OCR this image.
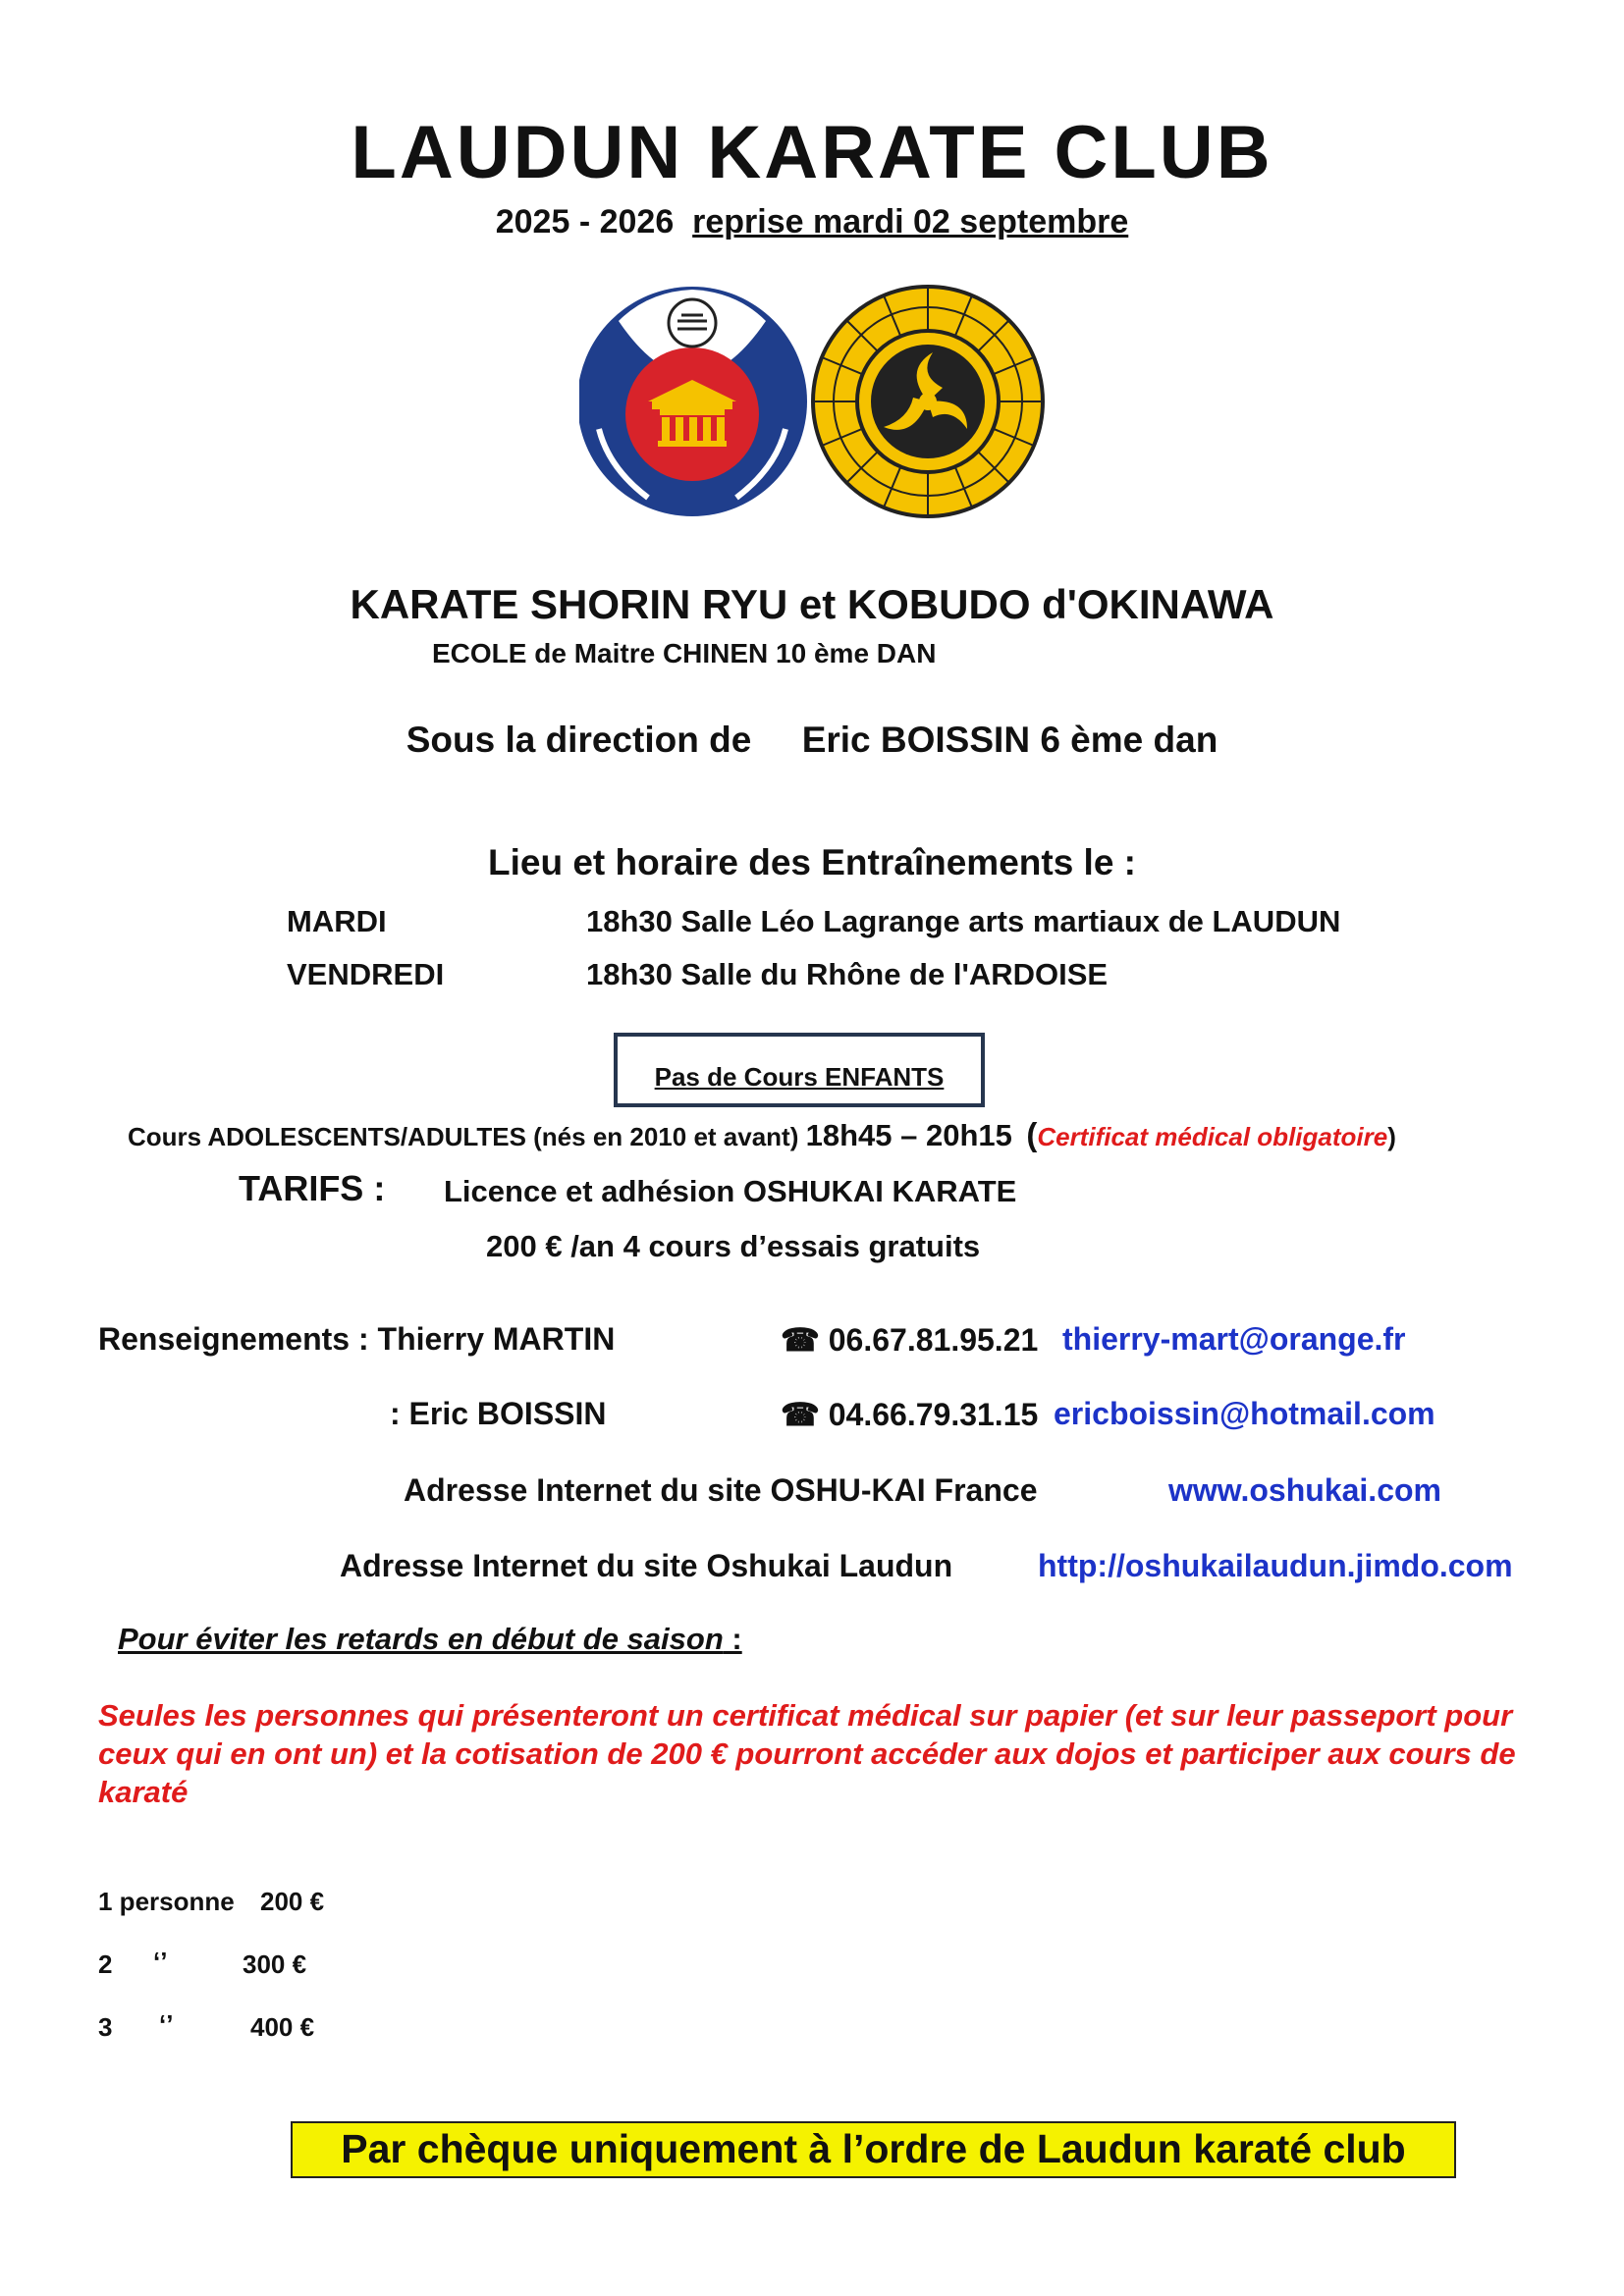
LAUDUN KARATE CLUB
2025 - 2026 reprise mardi 02 septembre
KARATE SHORIN RYU et KOBUDO d'OKINAWA
ECOLE de Maitre CHINEN 10 ème DAN
Sous la direction de Eric BOISSIN 6 ème dan
Lieu et horaire des Entraînements le :
MARDI	18h30 Salle Léo Lagrange arts martiaux de LAUDUN
VENDREDI	18h30 Salle du Rhône de l'ARDOISE
Pas de Cours ENFANTS
Cours ADOLESCENTS/ADULTES (nés en 2010 et avant) 18h45 – 20h15 (Certificat médical obligatoire)
TARIFS : Licence et adhésion OSHUKAI KARATE
200 € /an 4 cours d’essais gratuits
Renseignements : Thierry MARTIN	☎ 06.67.81.95.21 thierry-mart@orange.fr
: Eric BOISSIN	☎ 04.66.79.31.15 ericboissin@hotmail.com
Adresse Internet du site OSHU-KAI France	www.oshukai.com
Adresse Internet du site Oshukai Laudun	http://oshukailaudun.jimdo.com
Pour éviter les retards en début de saison :
Seules les personnes qui présenteront un certificat médical sur papier (et sur leur passeport pour ceux qui en ont un) et la cotisation de 200 € pourront accéder aux dojos et participer aux cours de karaté
1 personne 200 €
2 ‘’	300 €
3 ‘’	400 €
Par chèque uniquement à l’ordre de Laudun karaté club
